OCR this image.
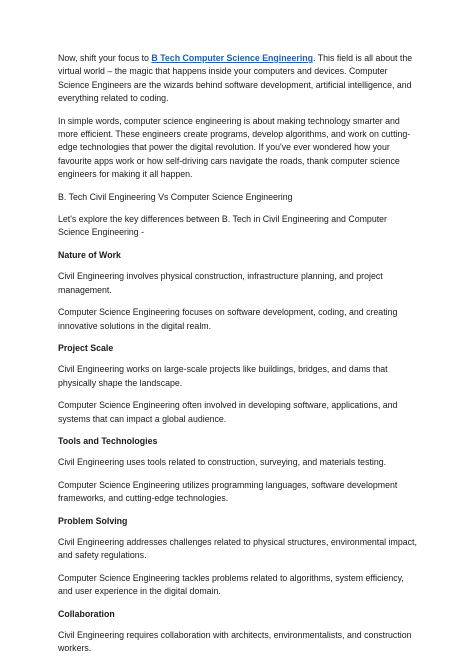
Now, shift your focus to B Tech Computer Science Engineering. This field is all about the virtual world – the magic that happens inside your computers and devices. Computer Science Engineers are the wizards behind software development, artificial intelligence, and everything related to coding.

In simple words, computer science engineering is about making technology smarter and more efficient. These engineers create programs, develop algorithms, and work on cutting-edge technologies that power the digital revolution. If you've ever wondered how your favourite apps work or how self-driving cars navigate the roads, thank computer science engineers for making it all happen.

B. Tech Civil Engineering Vs Computer Science Engineering

Let's explore the key differences between B. Tech in Civil Engineering and Computer Science Engineering -

Nature of Work

Civil Engineering involves physical construction, infrastructure planning, and project management.

Computer Science Engineering focuses on software development, coding, and creating innovative solutions in the digital realm.

Project Scale

Civil Engineering works on large-scale projects like buildings, bridges, and dams that physically shape the landscape.

Computer Science Engineering often involved in developing software, applications, and systems that can impact a global audience.

Tools and Technologies

Civil Engineering uses tools related to construction, surveying, and materials testing.

Computer Science Engineering utilizes programming languages, software development frameworks, and cutting-edge technologies.

Problem Solving

Civil Engineering addresses challenges related to physical structures, environmental impact, and safety regulations.

Computer Science Engineering tackles problems related to algorithms, system efficiency, and user experience in the digital domain.

Collaboration

Civil Engineering requires collaboration with architects, environmentalists, and construction workers.
